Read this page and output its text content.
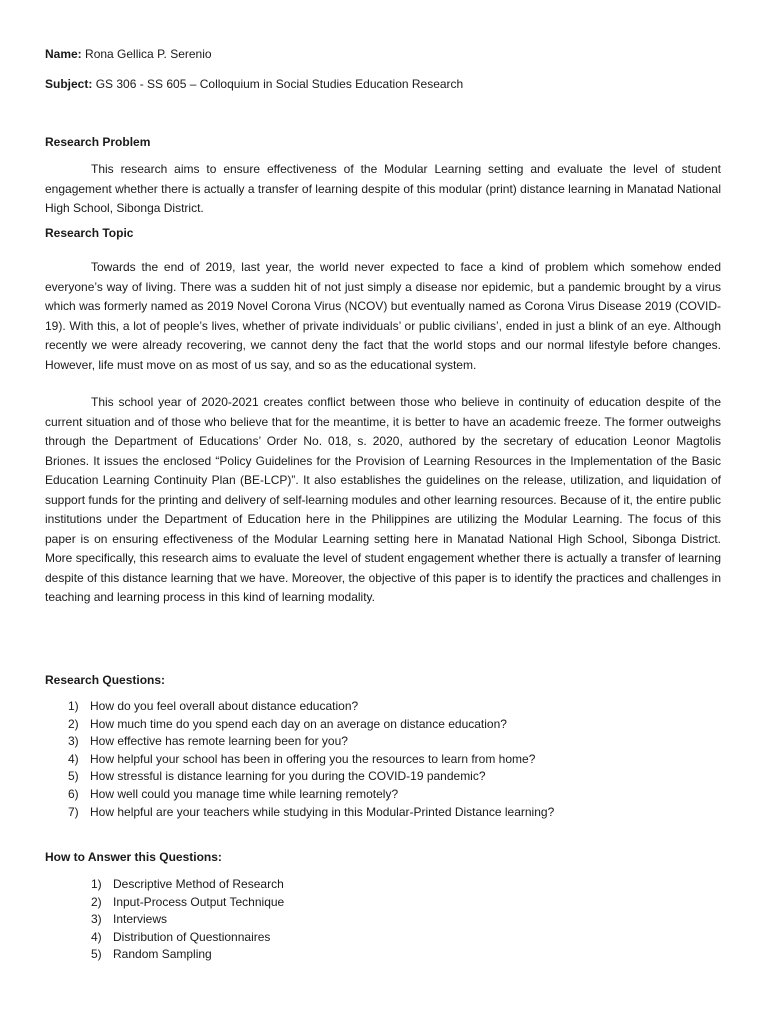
Name: Rona Gellica P. Serenio
Subject: GS 306 - SS 605 – Colloquium in Social Studies Education Research
Research Problem

This research aims to ensure effectiveness of the Modular Learning setting and evaluate the level of student engagement whether there is actually a transfer of learning despite of this modular (print) distance learning in Manatad National High School, Sibonga District.

Research Topic

Towards the end of 2019, last year, the world never expected to face a kind of problem which somehow ended everyone’s way of living. There was a sudden hit of not just simply a disease nor epidemic, but a pandemic brought by a virus which was formerly named as 2019 Novel Corona Virus (NCOV) but eventually named as Corona Virus Disease 2019 (COVID-19). With this, a lot of people’s lives, whether of private individuals’ or public civilians’, ended in just a blink of an eye. Although recently we were already recovering, we cannot deny the fact that the world stops and our normal lifestyle before changes. However, life must move on as most of us say, and so as the educational system.

This school year of 2020-2021 creates conflict between those who believe in continuity of education despite of the current situation and of those who believe that for the meantime, it is better to have an academic freeze. The former outweighs through the Department of Educations’ Order No. 018, s. 2020, authored by the secretary of education Leonor Magtolis Briones. It issues the enclosed “Policy Guidelines for the Provision of Learning Resources in the Implementation of the Basic Education Learning Continuity Plan (BE-LCP)”. It also establishes the guidelines on the release, utilization, and liquidation of support funds for the printing and delivery of self-learning modules and other learning resources. Because of it, the entire public institutions under the Department of Education here in the Philippines are utilizing the Modular Learning. The focus of this paper is on ensuring effectiveness of the Modular Learning setting here in Manatad National High School, Sibonga District. More specifically, this research aims to evaluate the level of student engagement whether there is actually a transfer of learning despite of this distance learning that we have. Moreover, the objective of this paper is to identify the practices and challenges in teaching and learning process in this kind of learning modality.

Research Questions:
1) How do you feel overall about distance education?
2) How much time do you spend each day on an average on distance education?
3) How effective has remote learning been for you?
4) How helpful your school has been in offering you the resources to learn from home?
5) How stressful is distance learning for you during the COVID-19 pandemic?
6) How well could you manage time while learning remotely?
7) How helpful are your teachers while studying in this Modular-Printed Distance learning?
How to Answer this Questions:
1) Descriptive Method of Research
2) Input-Process Output Technique
3) Interviews
4) Distribution of Questionnaires
5) Random Sampling
